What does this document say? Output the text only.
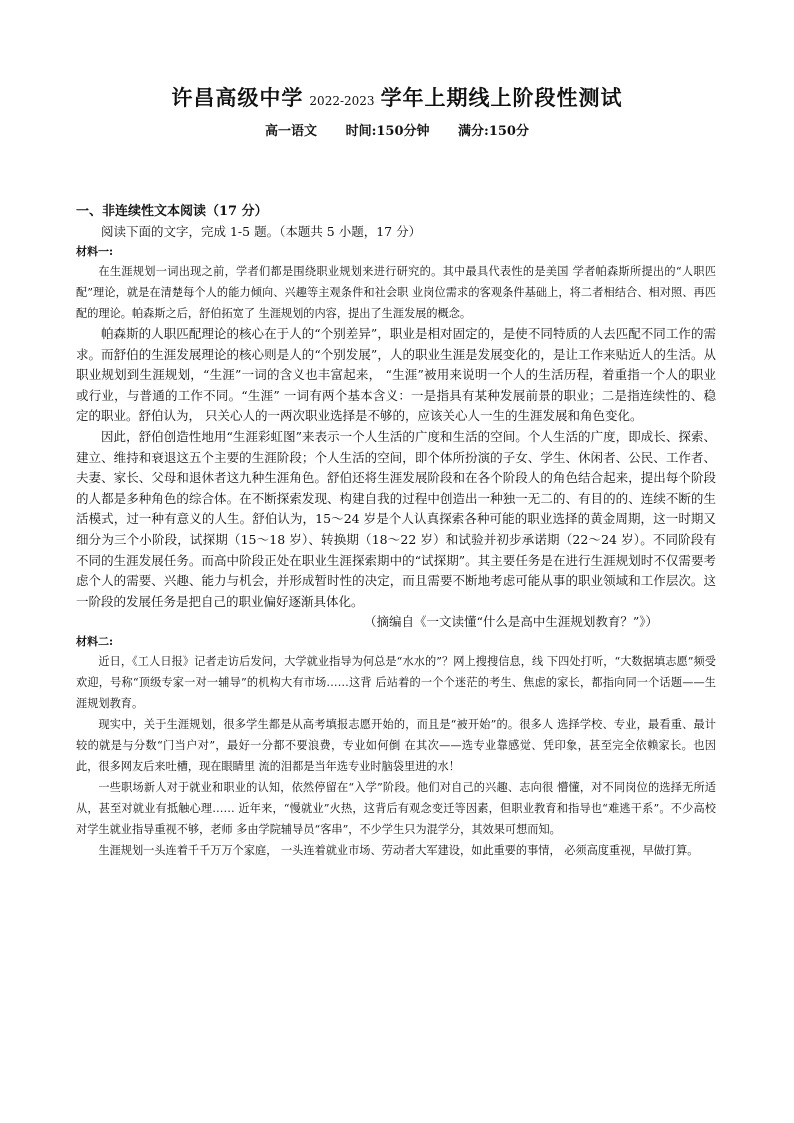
许昌高级中学 2022-2023 学年上期线上阶段性测试
高一语文 时间:150分钟 满分:150分

一、非连续性文本阅读（17 分）

阅读下面的文字，完成 1-5 题。（本题共 5 小题，17 分）

材料一:

在生涯规划一词出现之前，学者们都是围绕职业规划来进行研究的。其中最具代表性的是美国 学者帕森斯所提出的“人职匹配”理论，就是在清楚每个人的能力倾向、兴趣等主观条件和社会职 业岗位需求的客观条件基础上，将二者相结合、相对照、再匹配的理论。帕森斯之后，舒伯拓宽了 生涯规划的内容，提出了生涯发展的概念。

帕森斯的人职匹配理论的核心在于人的“个别差异”，职业是相对固定的，是使不同特质的人去匹配不同工作的需求。而舒伯的生涯发展理论的核心则是人的“个别发展”，人的职业生涯是发展变化的，是让工作来贴近人的生活。从职业规划到生涯规划，“生涯”一词的含义也丰富起来， “生涯”被用来说明一个人的生活历程，着重指一个人的职业或行业，与普通的工作不同。“生涯” 一词有两个基本含义：一是指具有某种发展前景的职业；二是指连续性的、稳定的职业。舒伯认为， 只关心人的一两次职业选择是不够的，应该关心人一生的生涯发展和角色变化。

因此，舒伯创造性地用“生涯彩虹图”来表示一个人生活的广度和生活的空间。个人生活的广度，即成长、探索、建立、维持和衰退这五个主要的生涯阶段；个人生活的空间，即个体所扮演的子女、学生、休闲者、公民、工作者、夫妻、家长、父母和退休者这九种生涯角色。舒伯还将生涯发展阶段和在各个阶段人的角色结合起来，提出每个阶段的人都是多种角色的综合体。在不断探索发现、构建自我的过程中创造出一种独一无二的、有目的的、连续不断的生活模式，过一种有意义的人生。舒伯认为，15～24 岁是个人认真探索各种可能的职业选择的黄金周期，这一时期又细分为三个小阶段，试探期（15～18 岁）、转换期（18～22 岁）和试验并初步承诺期（22～24 岁）。不同阶段有不同的生涯发展任务。而高中阶段正处在职业生涯探索期中的“试探期”。其主要任务是在进行生涯规划时不仅需要考虑个人的需要、兴趣、能力与机会，并形成暂时性的决定，而且需要不断地考虑可能从事的职业领域和工作层次。这一阶段的发展任务是把自己的职业偏好逐渐具体化。

（摘编自《一文读懂“什么是高中生涯规划教育？”》）

材料二:

近日，《工人日报》记者走访后发问，大学就业指导为何总是“水水的”？网上搜搜信息，线 下四处打听，“大数据填志愿”频受欢迎，号称“顶级专家一对一辅导”的机构大有市场……这背 后站着的一个个迷茫的考生、焦虑的家长，都指向同一个话题——生涯规划教育。

现实中，关于生涯规划，很多学生都是从高考填报志愿开始的，而且是“被开始”的。很多人 选择学校、专业，最看重、最计较的就是与分数“门当户对”，最好一分都不要浪费，专业如何倒 在其次——选专业靠感觉、凭印象，甚至完全依赖家长。也因此，很多网友后来吐槽，现在眼睛里 流的泪都是当年选专业时脑袋里进的水！

一些职场新人对于就业和职业的认知，依然停留在“入学”阶段。他们对自己的兴趣、志向很 懵懂，对不同岗位的选择无所适从，甚至对就业有抵触心理…… 近年来，“慢就业”火热，这背后有观念变迁等因素，但职业教育和指导也“难逃干系”。不少高校对学生就业指导重视不够，老师 多由学院辅导员“客串”，不少学生只为混学分，其效果可想而知。

生涯规划一头连着千千万万个家庭， 一头连着就业市场、劳动者大军建设，如此重要的事情， 必须高度重视，早做打算。
